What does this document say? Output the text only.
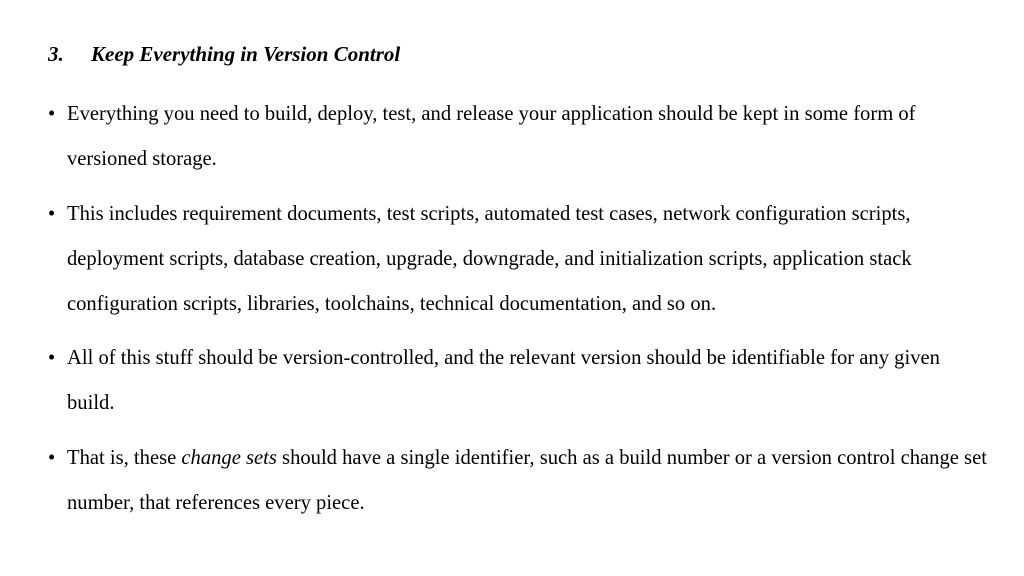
3. Keep Everything in Version Control
• Everything you need to build, deploy, test, and release your application should be kept in some form of versioned storage.
• This includes requirement documents, test scripts, automated test cases, network configuration scripts, deployment scripts, database creation, upgrade, downgrade, and initialization scripts, application stack configuration scripts, libraries, toolchains, technical documentation, and so on.
• All of this stuff should be version-controlled, and the relevant version should be identifiable for any given build.
• That is, these change sets should have a single identifier, such as a build number or a version control change set number, that references every piece.
